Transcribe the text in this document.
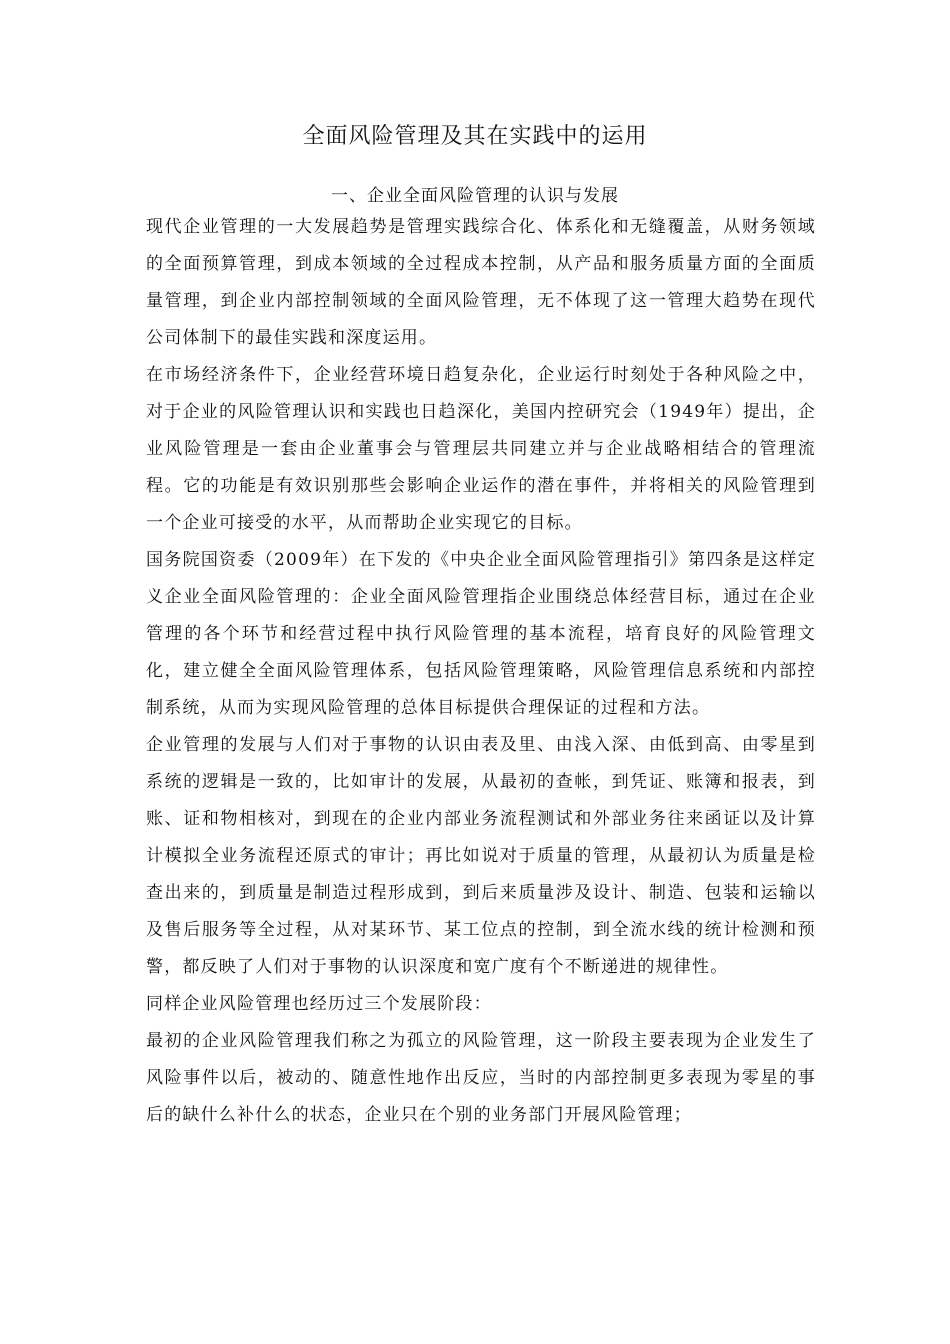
全面风险管理及其在实践中的运用
一、企业全面风险管理的认识与发展

现代企业管理的一大发展趋势是管理实践综合化、体系化和无缝覆盖，从财务领域的全面预算管理，到成本领域的全过程成本控制，从产品和服务质量方面的全面质量管理，到企业内部控制领域的全面风险管理，无不体现了这一管理大趋势在现代公司体制下的最佳实践和深度运用。

在市场经济条件下，企业经营环境日趋复杂化，企业运行时刻处于各种风险之中，对于企业的风险管理认识和实践也日趋深化，美国内控研究会（1949年）提出，企业风险管理是一套由企业董事会与管理层共同建立并与企业战略相结合的管理流程。它的功能是有效识别那些会影响企业运作的潜在事件，并将相关的风险管理到一个企业可接受的水平，从而帮助企业实现它的目标。

国务院国资委（2009年）在下发的《中央企业全面风险管理指引》第四条是这样定义企业全面风险管理的：企业全面风险管理指企业围绕总体经营目标，通过在企业管理的各个环节和经营过程中执行风险管理的基本流程，培育良好的风险管理文化，建立健全全面风险管理体系，包括风险管理策略，风险管理信息系统和内部控制系统，从而为实现风险管理的总体目标提供合理保证的过程和方法。

企业管理的发展与人们对于事物的认识由表及里、由浅入深、由低到高、由零星到系统的逻辑是一致的，比如审计的发展，从最初的查帐，到凭证、账簿和报表，到账、证和物相核对，到现在的企业内部业务流程测试和外部业务往来函证以及计算计模拟全业务流程还原式的审计；再比如说对于质量的管理，从最初认为质量是检查出来的，到质量是制造过程形成到，到后来质量涉及设计、制造、包装和运输以及售后服务等全过程，从对某环节、某工位点的控制，到全流水线的统计检测和预警，都反映了人们对于事物的认识深度和宽广度有个不断递进的规律性。

同样企业风险管理也经历过三个发展阶段：

最初的企业风险管理我们称之为孤立的风险管理，这一阶段主要表现为企业发生了风险事件以后，被动的、随意性地作出反应，当时的内部控制更多表现为零星的事后的缺什么补什么的状态，企业只在个别的业务部门开展风险管理；
